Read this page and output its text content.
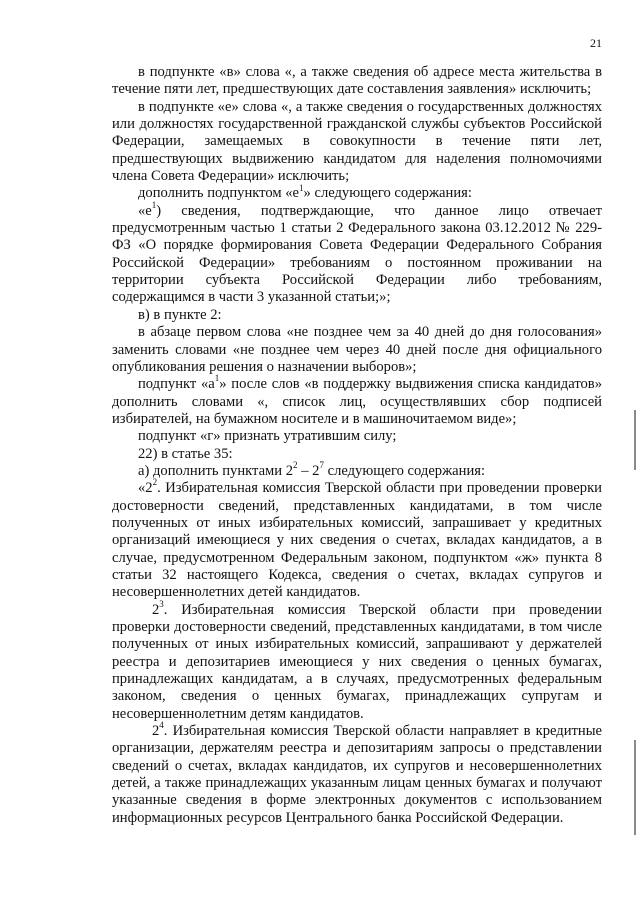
21

в подпункте «в» слова «, а также сведения об адресе места жительства в течение пяти лет, предшествующих дате составления заявления» исключить;

в подпункте «е» слова «, а также сведения о государственных должностях или должностях государственной гражданской службы субъектов Российской Федерации, замещаемых в совокупности в течение пяти лет, предшествующих выдвижению кандидатом для наделения полномочиями члена Совета Федерации» исключить;

дополнить подпунктом «$е^1$» следующего содержания:

«$е^1$) сведения, подтверждающие, что данное лицо отвечает предусмотренным частью 1 статьи 2 Федерального закона 03.12.2012 № 229-ФЗ «О порядке формирования Совета Федерации Федерального Собрания Российской Федерации» требованиям о постоянном проживании на территории субъекта Российской Федерации либо требованиям, содержащимся в части 3 указанной статьи;»;

в) в пункте 2:

в абзаце первом слова «не позднее чем за 40 дней до дня голосования» заменить словами «не позднее чем через 40 дней после дня официального опубликования решения о назначении выборов»;

подпункт «$а^1$» после слов «в поддержку выдвижения списка кандидатов» дополнить словами «, список лиц, осуществлявших сбор подписей избирателей, на бумажном носителе и в машиночитаемом виде»;

подпункт «г» признать утратившим силу;

22) в статье 35:

а) дополнить пунктами $2^2 - 2^7$ следующего содержания:

«$2^2$. Избирательная комиссия Тверской области при проведении проверки достоверности сведений, представленных кандидатами, в том числе полученных от иных избирательных комиссий, запрашивает у кредитных организаций имеющиеся у них сведения о счетах, вкладах кандидатов, а в случае, предусмотренном Федеральным законом, подпунктом «ж» пункта 8 статьи 32 настоящего Кодекса, сведения о счетах, вкладах супругов и несовершеннолетних детей кандидатов.

$2^3$. Избирательная комиссия Тверской области при проведении проверки достоверности сведений, представленных кандидатами, в том числе полученных от иных избирательных комиссий, запрашивают у держателей реестра и депозитариев имеющиеся у них сведения о ценных бумагах, принадлежащих кандидатам, а в случаях, предусмотренных федеральным законом, сведения о ценных бумагах, принадлежащих супругам и несовершеннолетним детям кандидатов.

$2^4$. Избирательная комиссия Тверской области направляет в кредитные организации, держателям реестра и депозитариям запросы о представлении сведений о счетах, вкладах кандидатов, их супругов и несовершеннолетних детей, а также принадлежащих указанным лицам ценных бумагах и получают указанные сведения в форме электронных документов с использованием информационных ресурсов Центрального банка Российской Федерации.
